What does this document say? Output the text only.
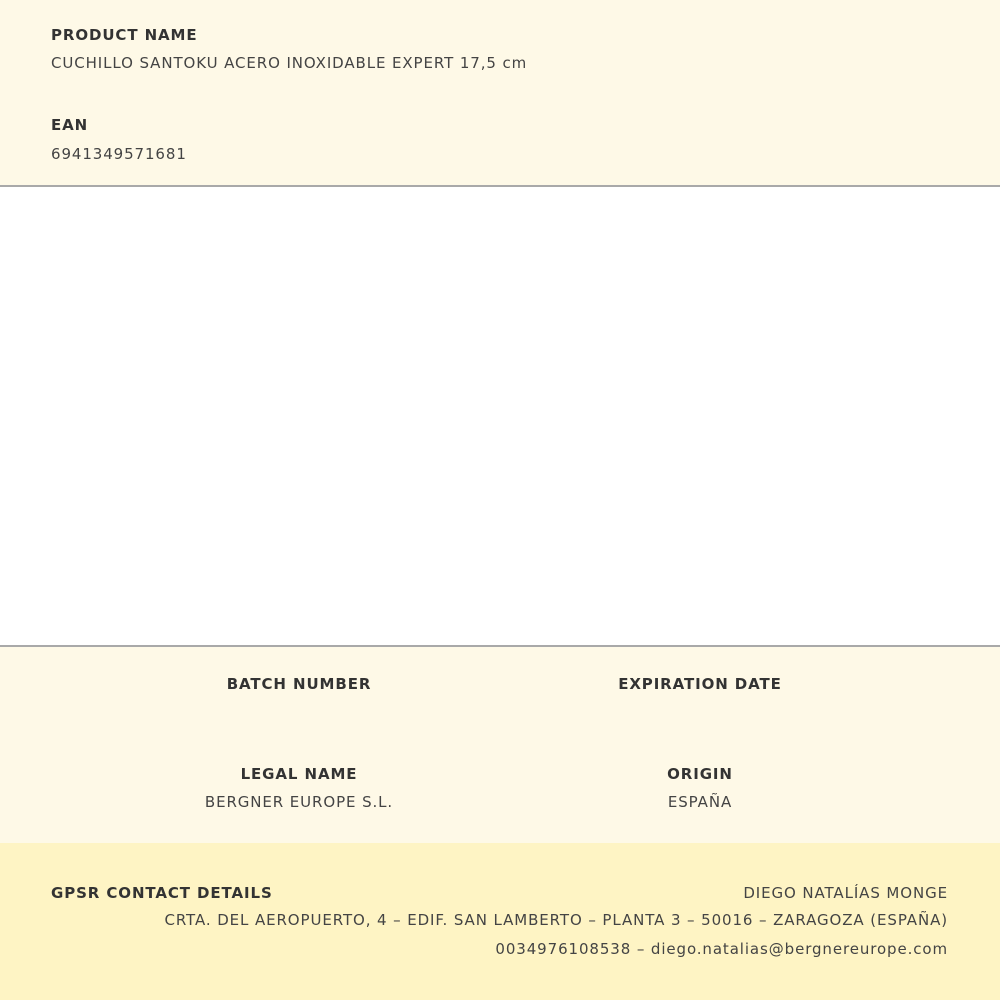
PRODUCT NAME
CUCHILLO SANTOKU ACERO INOXIDABLE EXPERT 17,5 cm
EAN
6941349571681
BATCH NUMBER	EXPIRATION DATE
LEGAL NAME
BERGNER EUROPE S.L.
ORIGIN
ESPAÑA
GPSR CONTACT DETAILS	DIEGO NATALÍAS MONGE
CRTA. DEL AEROPUERTO, 4 – EDIF. SAN LAMBERTO – PLANTA 3 – 50016 – ZARAGOZA (ESPAÑA)
0034976108538 – diego.natalias@bergnereurope.com
